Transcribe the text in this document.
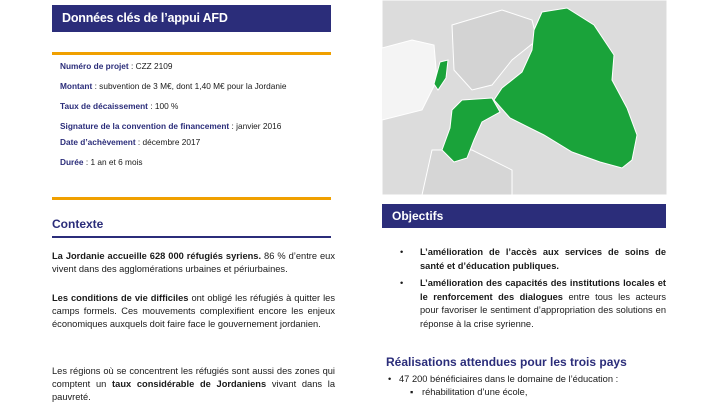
Données clés de l’appui AFD
Numéro de projet : CZZ 2109
Montant : subvention de 3 M€, dont 1,40 M€ pour la Jordanie
Taux de décaissement : 100 %
Signature de la convention de financement : janvier 2016
Date d’achèvement : décembre 2017
Durée : 1 an et 6 mois
Contexte
La Jordanie accueille 628 000 réfugiés syriens. 86 % d’entre eux vivent dans des agglomérations urbaines et périurbaines.
Les conditions de vie difficiles ont obligé les réfugiés à quitter les camps formels. Ces mouvements complexifient encore les enjeux économiques auxquels doit faire face le gouvernement jordanien.
Les régions où se concentrent les réfugiés sont aussi des zones qui comptent un taux considérable de Jordaniens vivant dans la pauvreté.
Objectifs
• L’amélioration de l’accès aux services de soins de santé et d’éducation publiques.
• L’amélioration des capacités des institutions locales et le renforcement des dialogues entre tous les acteurs pour favoriser le sentiment d’appropriation des solutions en réponse à la crise syrienne.
Réalisations attendues pour les trois pays
•   47 200 bénéficiaires dans le domaine de l’éducation :
▪ réhabilitation d’une école,
